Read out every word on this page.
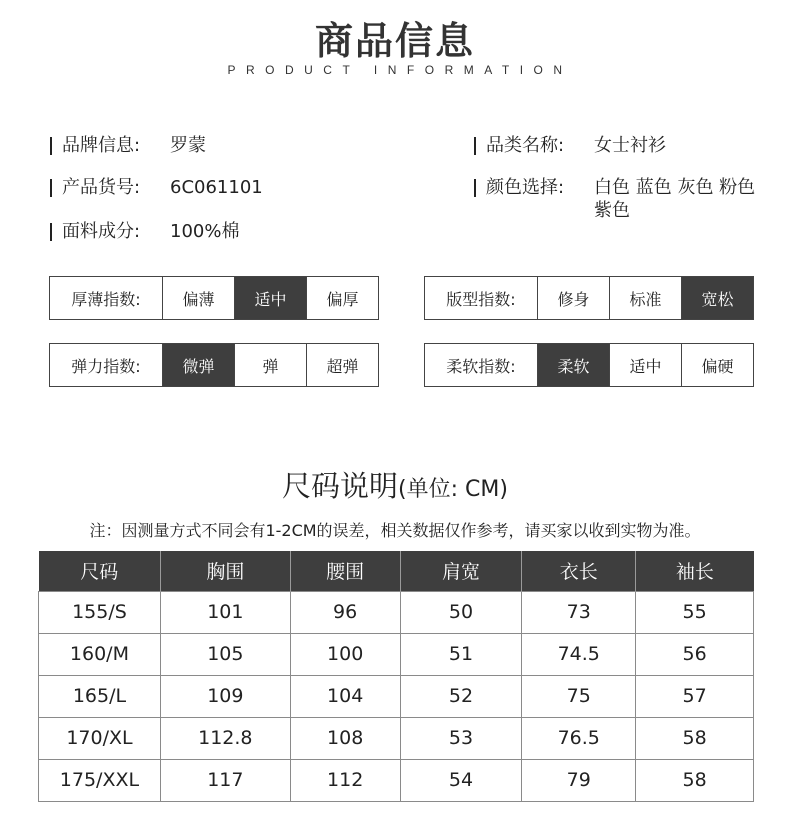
商品信息
PRODUCT INFORMATION
品牌信息: 罗蒙	品类名称: 女士衬衫
产品货号: 6C061101	颜色选择: 白色 蓝色 灰色 粉色 紫色
面料成分: 100%棉
厚薄指数:	偏薄	适中	偏厚	版型指数:	修身	标准	宽松
弹力指数:	微弹	弹	超弹	柔软指数:	柔软	适中	偏硬
尺码说明(单位: CM)
注：因测量方式不同会有1-2CM的误差，相关数据仅作参考，请买家以收到实物为准。
尺码	胸围	腰围	肩宽	衣长	袖长
155/S	101	96	50	73	55
160/M	105	100	51	74.5	56
165/L	109	104	52	75	57
170/XL	112.8	108	53	76.5	58
175/XXL	117	112	54	79	58
